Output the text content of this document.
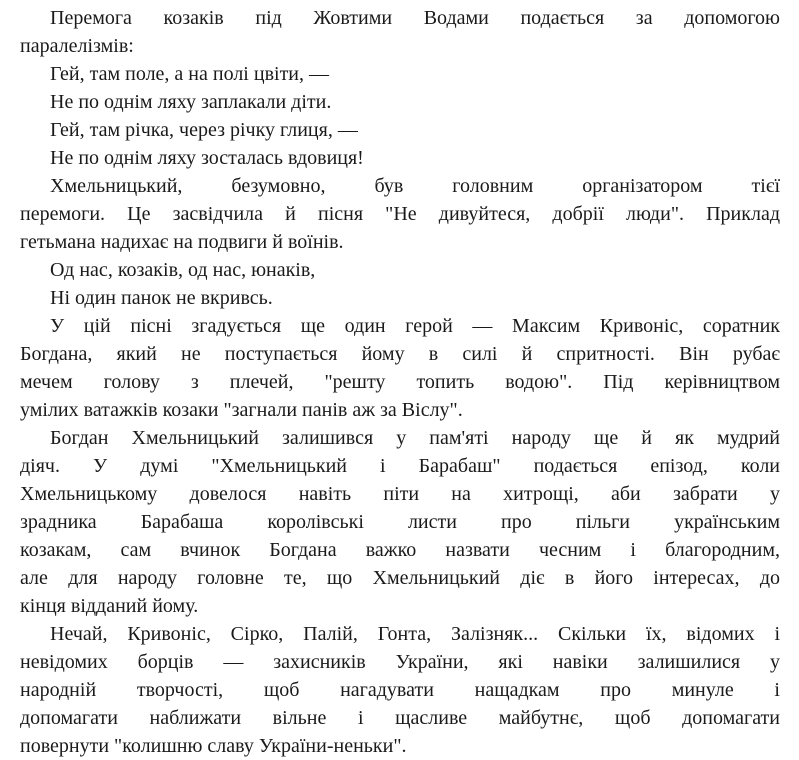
Перемога козаків під Жовтими Водами подається за допомогою
паралелізмів:
Гей, там поле, а на полі цвіти, —
Не по однім ляху заплакали діти.
Гей, там річка, через річку глиця, —
Не по однім ляху зосталась вдовиця!
Хмельницький, безумовно, був головним організатором тієї
перемоги. Це засвідчила й пісня "Не дивуйтеся, добрії люди". Приклад
гетьмана надихає на подвиги й воїнів.
Од нас, козаків, од нас, юнаків,
Ні один панок не вкривсь.
У цій пісні згадується ще один герой — Максим Кривоніс, соратник
Богдана, який не поступається йому в силі й спритності. Він рубає
мечем голову з плечей, "решту топить водою". Під керівництвом
умілих ватажків козаки "загнали панів аж за Віслу".
Богдан Хмельницький залишився у пам'яті народу ще й як мудрий
діяч. У думі "Хмельницький і Барабаш" подається епізод, коли
Хмельницькому довелося навіть піти на хитрощі, аби забрати у
зрадника Барабаша королівські листи про пільги українським
козакам, сам вчинок Богдана важко назвати чесним і благородним,
але для народу головне те, що Хмельницький діє в його інтересах, до
кінця відданий йому.
Нечай, Кривоніс, Сірко, Палій, Гонта, Залізняк... Скільки їх, відомих і
невідомих борців — захисників України, які навіки залишилися у
народній творчості, щоб нагадувати нащадкам про минуле і
допомагати наближати вільне і щасливе майбутнє, щоб допомагати
повернути "колишню славу України-неньки".
